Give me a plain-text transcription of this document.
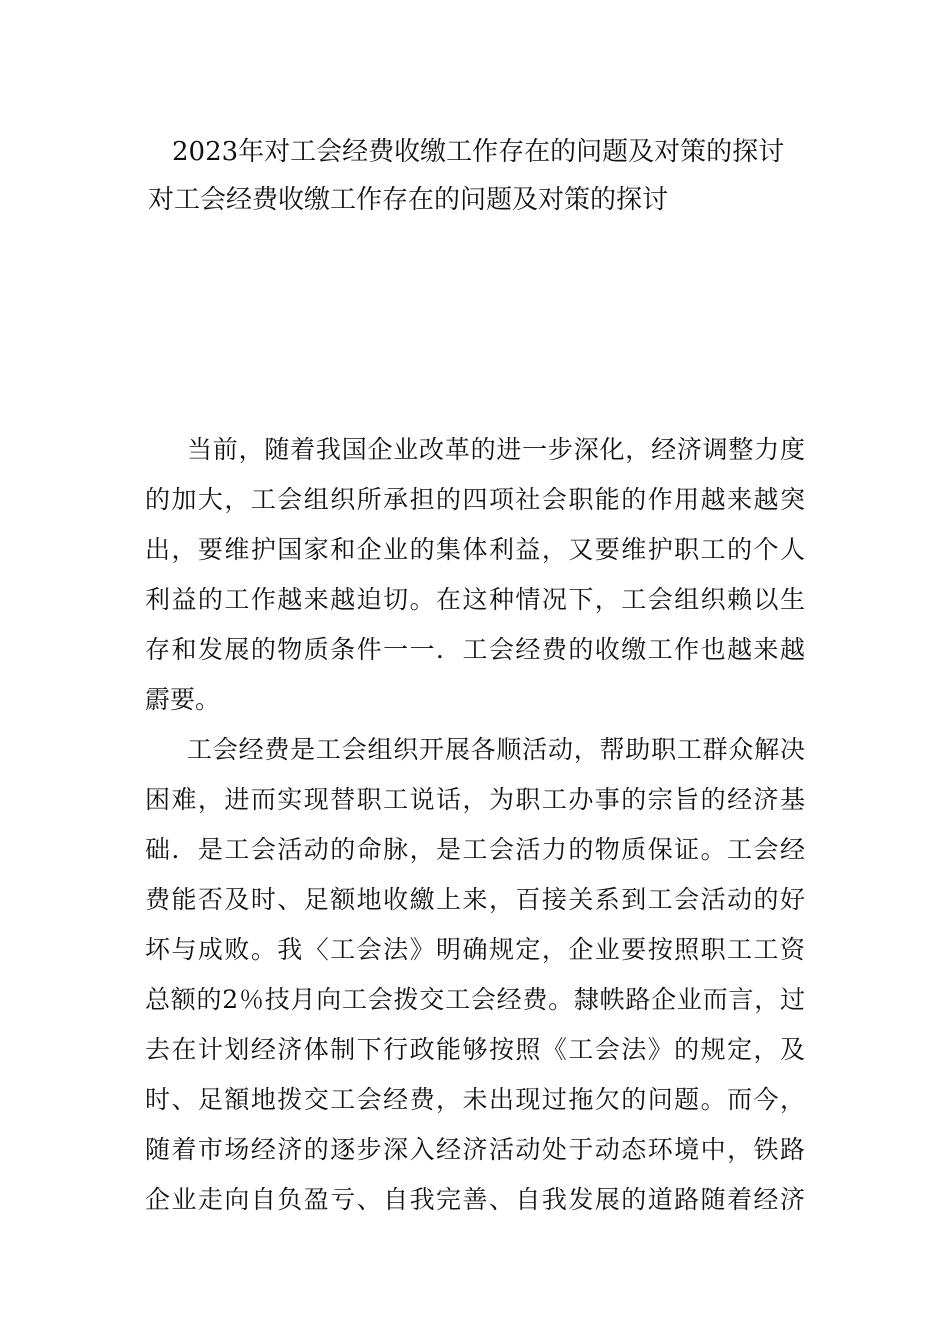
2023年对工会经费收缴工作存在的问题及对策的探讨
对工会经费收缴工作存在的问题及对策的探讨
当前，随着我国企业改革的进一步深化，经济调整力度
的加大，工会组织所承担的四项社会职能的作用越来越突
出，要维护国家和企业的集体利益，又要维护职工的个人
利益的工作越来越迫切。在这种情况下，工会组织赖以生
存和发展的物质条件一一．工会经费的收缴工作也越来越
霨要。
工会经费是工会组织开展各顺活动，帮助职工群众解决
困难，进而实现替职工说话，为职工办事的宗旨的经济基
础．是工会活动的命脉，是工会活力的物质保证。工会经
费能否及时、足额地收繳上来，百接关系到工会活动的好
坏与成败。我〈工会法》明确规定，企业要按照职工工资
总额的2％技月向工会拨交工会经费。隸帙路企业而言，过
去在计划经济体制下行政能够按照《工会法》的规定，及
时、足額地拨交工会经费，未出现过拖欠的问题。而今，
随着市场经济的逐步深入经济活动处于动态环境中，铁路
企业走向自负盈亏、自我完善、自我发展的道路随着经济
